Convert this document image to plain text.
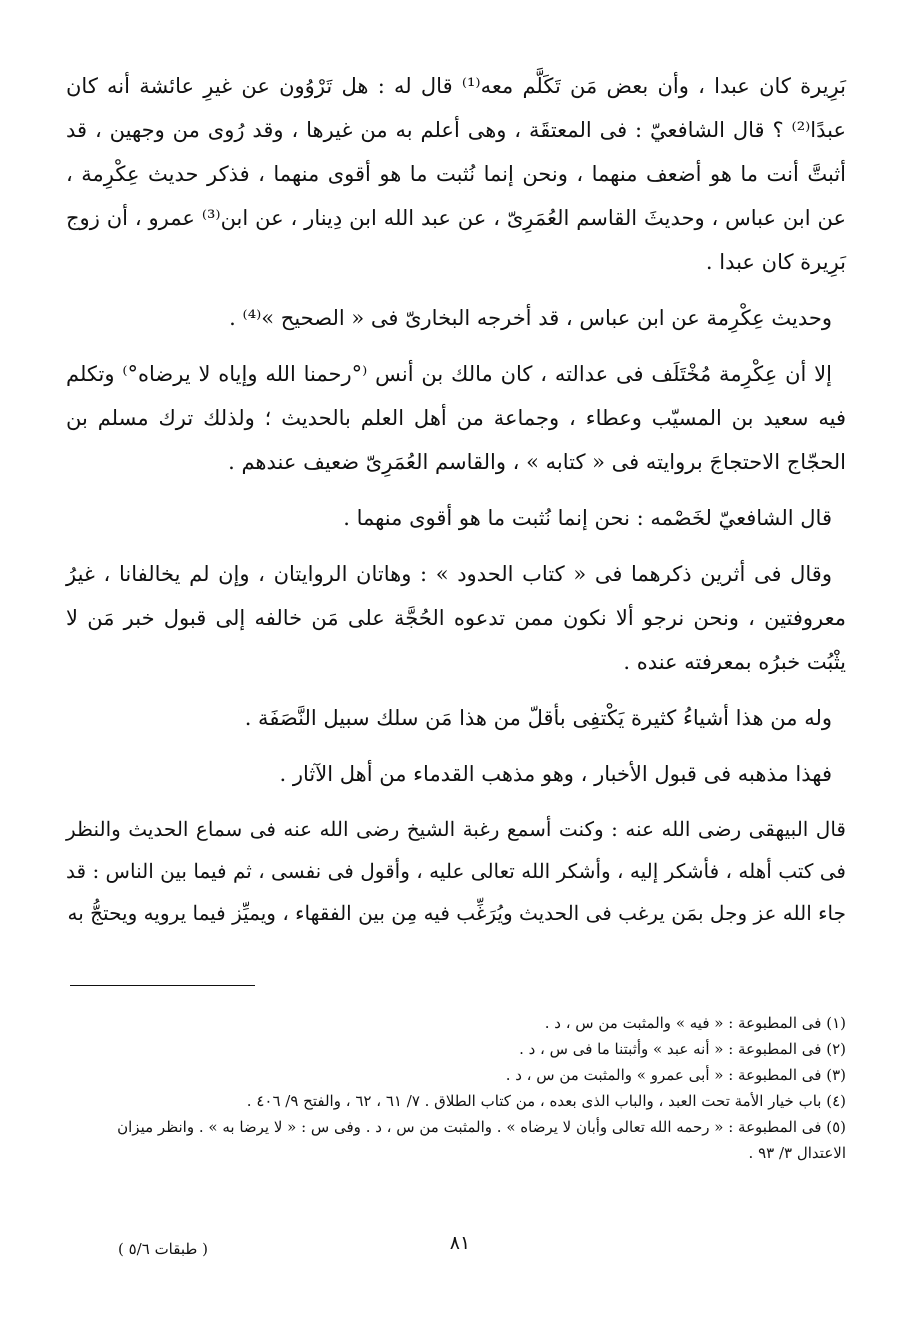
بَرِيرة كان عبدا ، وأن بعض مَن تَكَلَّم معه⁽¹⁾ قال له : هل تَرْوُون عن غيرِ عائشة أنه كان عبدًا⁽²⁾ ؟ قال الشافعيّ : فى المعتقَة ، وهى أعلم به من غيرها ، وقد رُوى من وجهين ، قد أثبتَّ أنت ما هو أضعف منهما ، ونحن إنما نُثبت ما هو أقوى منهما ، فذكر حديث عِكْرِمة ، عن ابن عباس ، وحديثَ القاسم العُمَرِىّ ، عن عبد الله ابن دِينار ، عن ابن⁽³⁾ عمرو ، أن زوج بَرِيرة كان عبدا .

وحديث عِكْرِمة عن ابن عباس ، قد أخرجه البخارىّ فى « الصحيح »⁽⁴⁾ .

إلا أن عِكْرِمة مُخْتَلَف فى عدالته ، كان مالك بن أنس ⁽°رحمنا الله وإياه لا يرضاه°⁾ وتكلم فيه سعيد بن المسيّب وعطاء ، وجماعة من أهل العلم بالحديث ؛ ولذلك ترك مسلم بن الحجّاج الاحتجاجَ بروايته فى « كتابه » ، والقاسم العُمَرِىّ ضعيف عندهم .

قال الشافعيّ لخَصْمه : نحن إنما نُثبت ما هو أقوى منهما .

وقال فى أثرين ذكرهما فى « كتاب الحدود » : وهاتان الروايتان ، وإن لم يخالفانا ، غيرُ معروفتين ، ونحن نرجو ألا نكون ممن تدعوه الحُجَّة على مَن خالفه إلى قبول خبر مَن لا يثْبُت خبرُه بمعرفته عنده .

وله من هذا أشياءُ كثيرة يَكْتفِى بأقلّ من هذا مَن سلك سبيل النَّصَفَة .

فهذا مذهبه فى قبول الأخبار ، وهو مذهب القدماء من أهل الآثار .

قال البيهقى رضى الله عنه : وكنت أسمع رغبة الشيخ رضى الله عنه فى سماع الحديث والنظر فى كتب أهله ، فأشكر إليه ، وأشكر الله تعالى عليه ، وأقول فى نفسى ، ثم فيما بين الناس : قد جاء الله عز وجل بمَن يرغب فى الحديث ويُرَغِّب فيه مِن بين الفقهاء ، ويميِّز فيما يرويه ويحتجُّ به

(١) فى المطبوعة : « فيه » والمثبت من س ، د .
(٢) فى المطبوعة : « أنه عبد » وأثبتنا ما فى س ، د .
(٣) فى المطبوعة : « أبى عمرو » والمثبت من س ، د .
(٤) باب خيار الأمة تحت العبد ، والباب الذى بعده ، من كتاب الطلاق . ٧/ ٦١ ، ٦٢ ، والفتح ٩/ ٤٠٦ .
(٥) فى المطبوعة : « رحمه الله تعالى وأبان لا يرضاه » . والمثبت من س ، د . وفى س : « لا يرضا به » . وانظر ميزان الاعتدال ٣/ ٩٣ .
٨١
( طبقات ٥/٦ )
